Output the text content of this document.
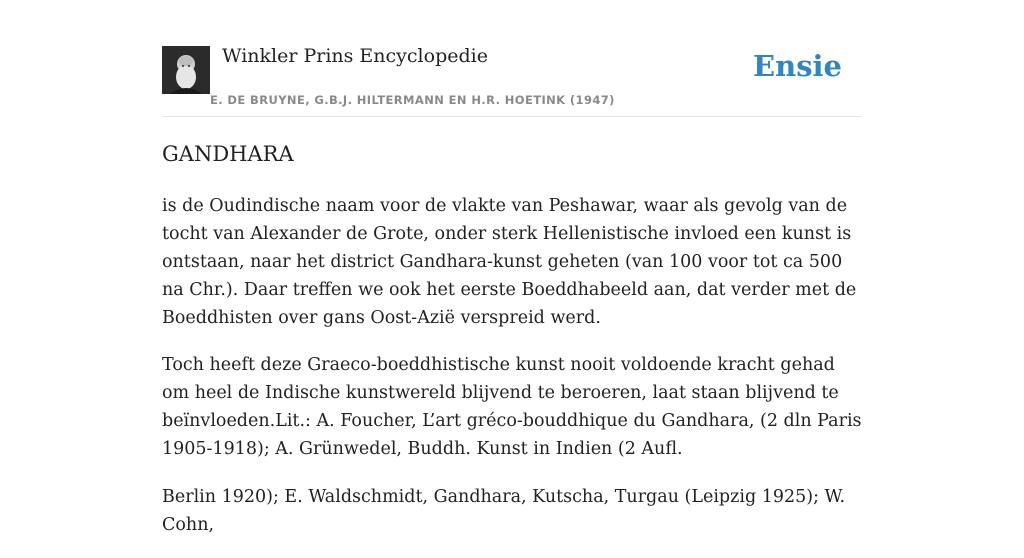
Winkler Prins Encyclopedie
E. DE BRUYNE, G.B.J. HILTERMANN EN H.R. HOETINK (1947)
Ensie
GANDHARA

is de Oudindische naam voor de vlakte van Peshawar, waar als gevolg van de tocht van Alexander de Grote, onder sterk Hellenistische invloed een kunst is ontstaan, naar het district Gandhara-kunst geheten (van 100 voor tot ca 500 na Chr.). Daar treffen we ook het eerste Boeddhabeeld aan, dat verder met de Boeddhisten over gans Oost-Azië verspreid werd.

Toch heeft deze Graeco-boeddhistische kunst nooit voldoende kracht gehad om heel de Indische kunstwereld blijvend te beroeren, laat staan blijvend te beïnvloeden.Lit.: A. Foucher, L’art gréco-bouddhique du Gandhara, (2 dln Paris 1905-1918); A. Grünwedel, Buddh. Kunst in Indien (2 Aufl.

Berlin 1920); E. Waldschmidt, Gandhara, Kutscha, Turgau (Leipzig 1925); W. Cohn,
